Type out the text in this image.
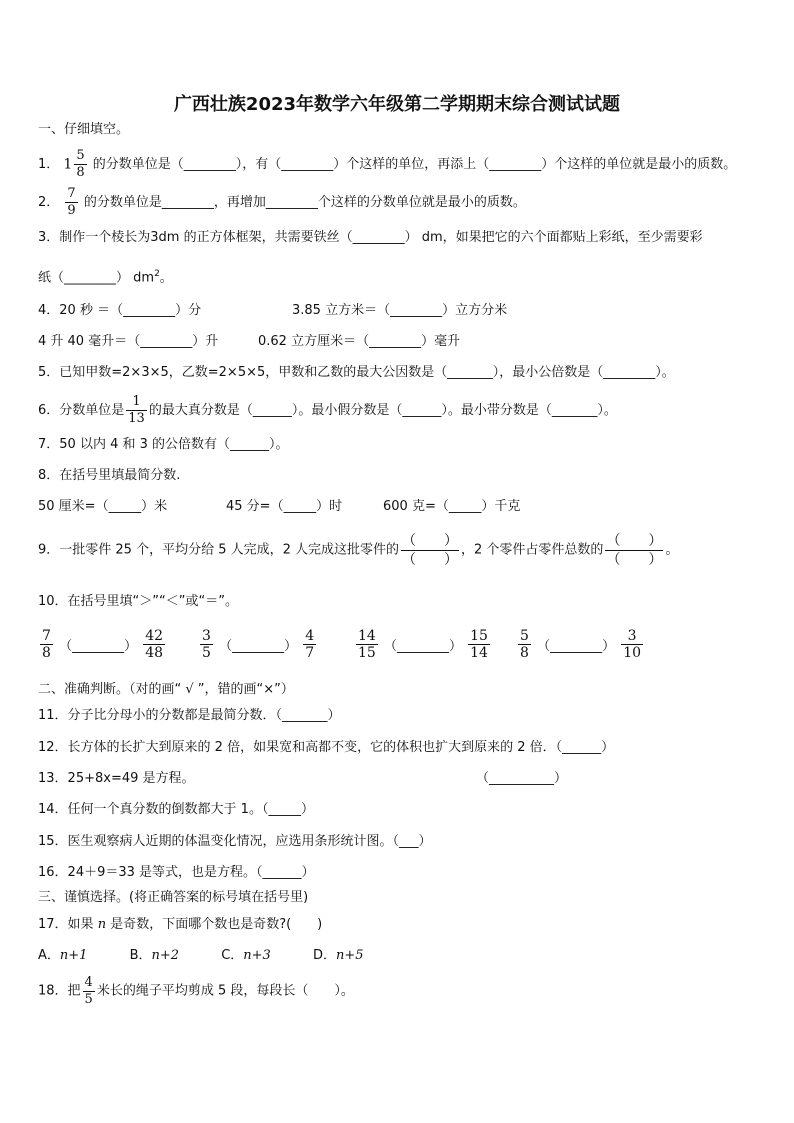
广西壮族2023年数学六年级第二学期期末综合测试试题
一、仔细填空。
1． $1 \frac{5}{8}$ 的分数单位是（________），有（________）个这样的单位，再添上（________）个这样的单位就是最小的质数。
2． $\frac{7}{9}$ 的分数单位是________，再增加________个这样的分数单位就是最小的质数。
3．制作一个棱长为3dm 的正方体框架，共需要铁丝（________） dm，如果把它的六个面都贴上彩纸，至少需要彩
纸（________） $dm^2$。
4．20 秒 ＝（________）分	3.85 立方米＝（________）立方分米
4 升 40 毫升＝（________）升	0.62 立方厘米＝（________）毫升
5．已知甲数=2×3×5，乙数=2×5×5，甲数和乙数的最大公因数是（_______），最小公倍数是（________）。
6．分数单位是 $\frac{1}{13}$ 的最大真分数是（______）。最小假分数是（______）。最小带分数是（_______）。
7．50 以内 4 和 3 的公倍数有（______）。
8．在括号里填最简分数.
50 厘米=（_____）米	45 分=（_____）时	600 克=（_____）千克
9．一批零件 25 个，平均分给 5 人完成，2 人完成这批零件的
（　　）
（　　）
，2 个零件占零件总数的
（　　）
（　　）
。
10．在括号里填“＞”“＜”或“＝”。
$\frac{7}{8}$ （________） $\frac{42}{48} \frac{3}{5}$ （________） $\frac{4}{7}$	$\frac{14}{15}$ （________） $\frac{15}{14} \frac{5}{8}$ （________） $\frac{3}{10}$
二、准确判断。（对的画“ √ ”，错的画“×”）
11．分子比分母小的分数都是最简分数．（_______）
12．长方体的长扩大到原来的 2 倍，如果宽和高都不变，它的体积也扩大到原来的 2 倍．（______）
13．25+8x=49 是方程。	（__________）
14．任何一个真分数的倒数都大于 1。（_____）
15．医生观察病人近期的体温变化情况，应选用条形统计图。（___）
16．24＋9＝33 是等式，也是方程。（______）
三、谨慎选择。(将正确答案的标号填在括号里)
17．如果 n 是奇数，下面哪个数也是奇数?(　　)
A．n+1	B．n+2	C．n+3	D．n+5
18．把 $\frac{4}{5}$ 米长的绳子平均剪成 5 段，每段长（　　）。
